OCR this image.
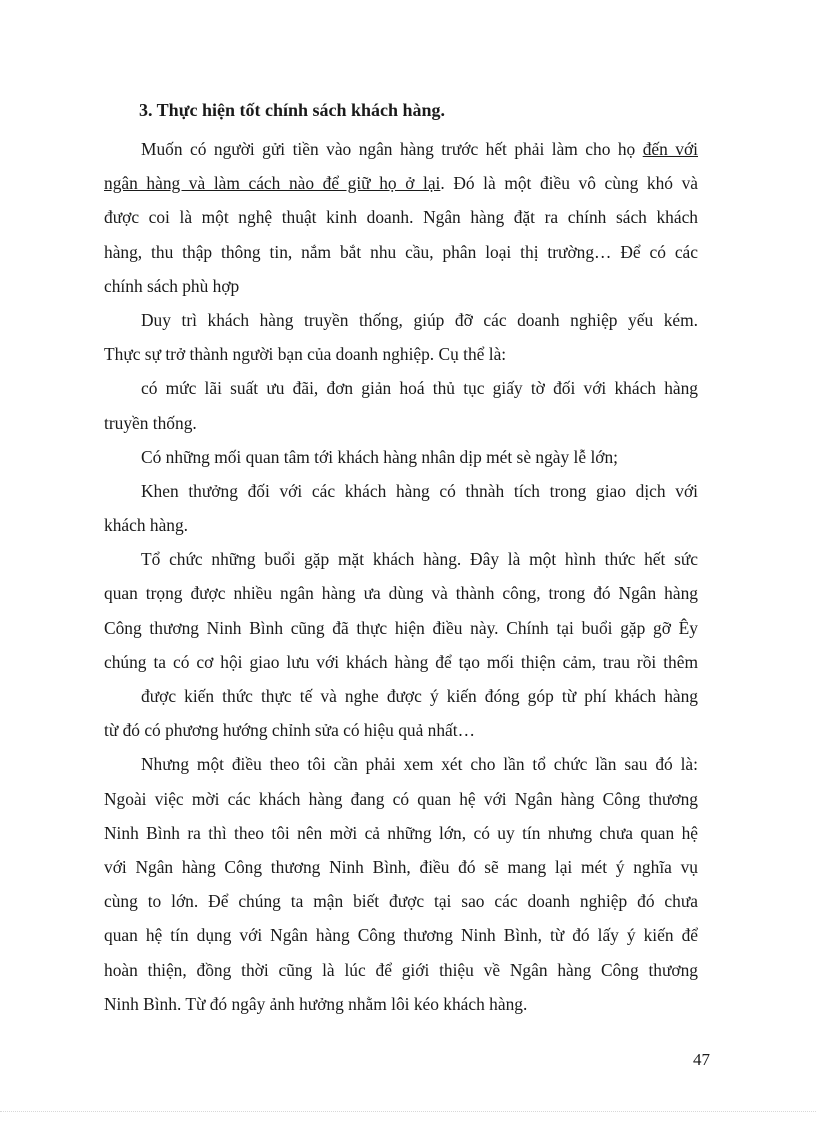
3. Thực hiện tốt chính sách khách hàng.
Muốn có người gửi tiền vào ngân hàng trước hết phải làm cho họ đến với
ngân hàng và làm cách nào để giữ họ ở lại. Đó là một điều vô cùng khó và
được coi là một nghệ thuật kinh doanh. Ngân hàng đặt ra chính sách khách
hàng, thu thập thông tin, nắm bắt nhu cầu, phân loại thị trường… Để có các
chính sách phù hợp
Duy trì khách hàng truyền thống, giúp đỡ các doanh nghiệp yếu kém.
Thực sự trở thành người bạn của doanh nghiệp. Cụ thể là:
có mức lãi suất ưu đãi, đơn giản hoá thủ tục giấy tờ đối với khách hàng
truyền thống.
Có những mối quan tâm tới khách hàng nhân dịp mét sè ngày lễ lớn;
Khen thưởng đối với các khách hàng có thnàh tích trong giao dịch với
khách hàng.
Tổ chức những buổi gặp mặt khách hàng. Đây là một hình thức hết sức
quan trọng được nhiều ngân hàng ưa dùng và thành công, trong đó Ngân hàng
Công thương Ninh Bình cũng đã thực hiện điều này. Chính tại buổi gặp gỡ Êy
chúng ta có cơ hội giao lưu với khách hàng để tạo mối thiện cảm, trau rồi thêm
được kiến thức thực tế và nghe được ý kiến đóng góp từ phí khách hàng
từ đó có phương hướng chỉnh sửa có hiệu quả nhất…
Nhưng một điều theo tôi cần phải xem xét cho lần tổ chức lần sau đó là:
Ngoài việc mời các khách hàng đang có quan hệ với Ngân hàng Công thương
Ninh Bình ra thì theo tôi nên mời cả những lớn, có uy tín nhưng chưa quan hệ
với Ngân hàng Công thương Ninh Bình, điều đó sẽ mang lại mét ý nghĩa vụ
cùng to lớn. Để chúng ta mận biết được tại sao các doanh nghiệp đó chưa
quan hệ tín dụng với Ngân hàng Công thương Ninh Bình, từ đó lấy ý kiến để
hoàn thiện, đồng thời cũng là lúc để giới thiệu về Ngân hàng Công thương
Ninh Bình. Từ đó ngây ảnh hưởng nhằm lôi kéo khách hàng.
47
